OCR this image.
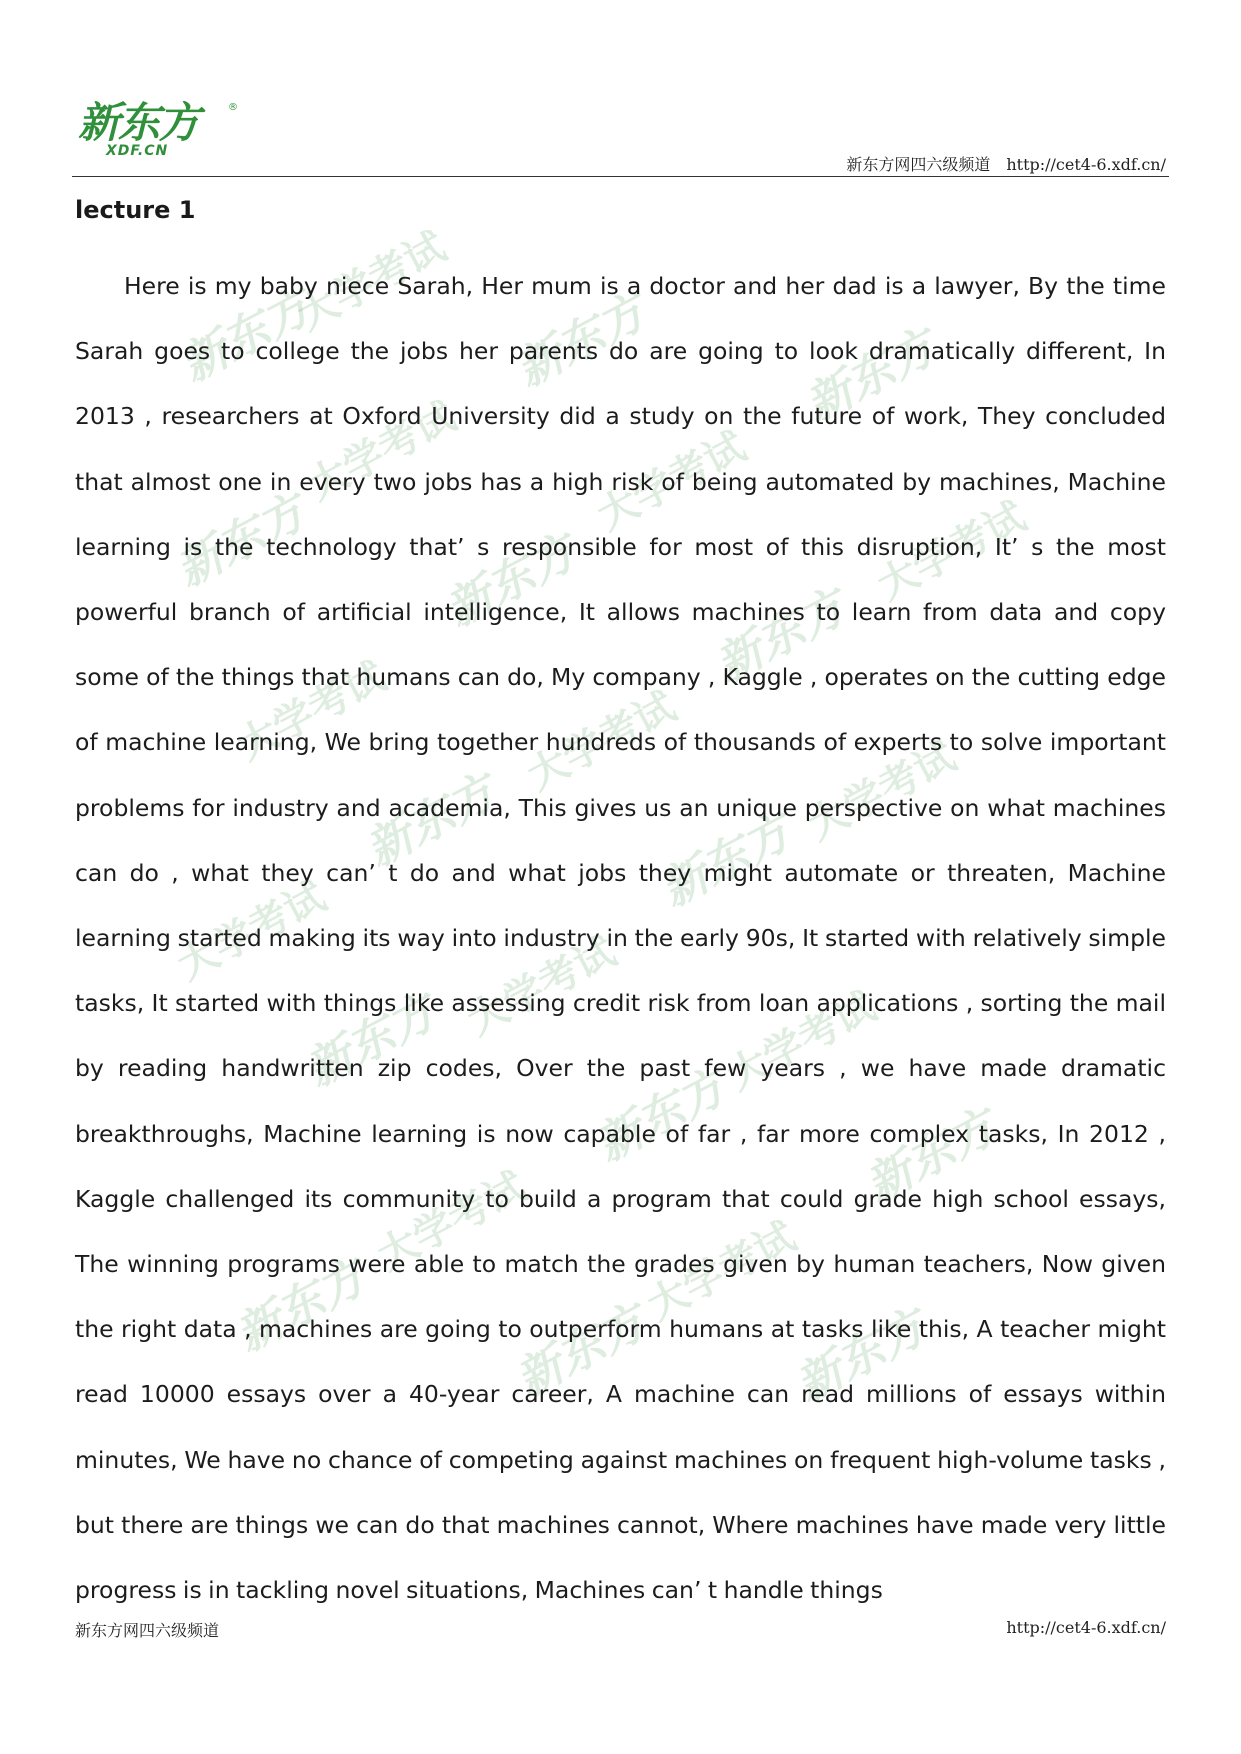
新东方	®
XDF.CN
新东方网四六级频道 http://cet4-6.xdf.cn/
大学考试
新东方	新东方	新东方
大学考试	大学考试
新东方	大学考试
新东方	新东方
大学考试	大学考试	大学考试
新东方	新东方
大学考试	大学考试
新东方	大学考试
新东方	新东方
大学考试	大学考试
新东方	新东方	新东方
lecture 1

Here is my baby niece Sarah, Her mum is a doctor and her dad is a lawyer, By the time Sarah goes to college the jobs her parents do are going to look dramatically different, In 2013 , researchers at Oxford University did a study on the future of work, They concluded that almost one in every two jobs has a high risk of being automated by machines, Machine learning is the technology that’ s responsible for most of this disruption, It’ s the most powerful branch of artificial intelligence, It allows machines to learn from data and copy some of the things that humans can do, My company , Kaggle , operates on the cutting edge of machine learning, We bring together hundreds of thousands of experts to solve important problems for industry and academia, This gives us an unique perspective on what machines can do , what they can’ t do and what jobs they might automate or threaten, Machine learning started making its way into industry in the early 90s, It started with relatively simple tasks, It started with things like assessing credit risk from loan applications , sorting the mail by reading handwritten zip codes, Over the past few years , we have made dramatic breakthroughs, Machine learning is now capable of far , far more complex tasks, In 2012 , Kaggle challenged its community to build a program that could grade high school essays, The winning programs were able to match the grades given by human teachers, Now given the right data , machines are going to outperform humans at tasks like this, A teacher might read 10000 essays over a 40-year career, A machine can read millions of essays within minutes, We have no chance of competing against machines on frequent high-volume tasks , but there are things we can do that machines cannot, Where machines have made very little progress is in tackling novel situations, Machines can’ t handle things

新东方网四六级频道	http://cet4-6.xdf.cn/
